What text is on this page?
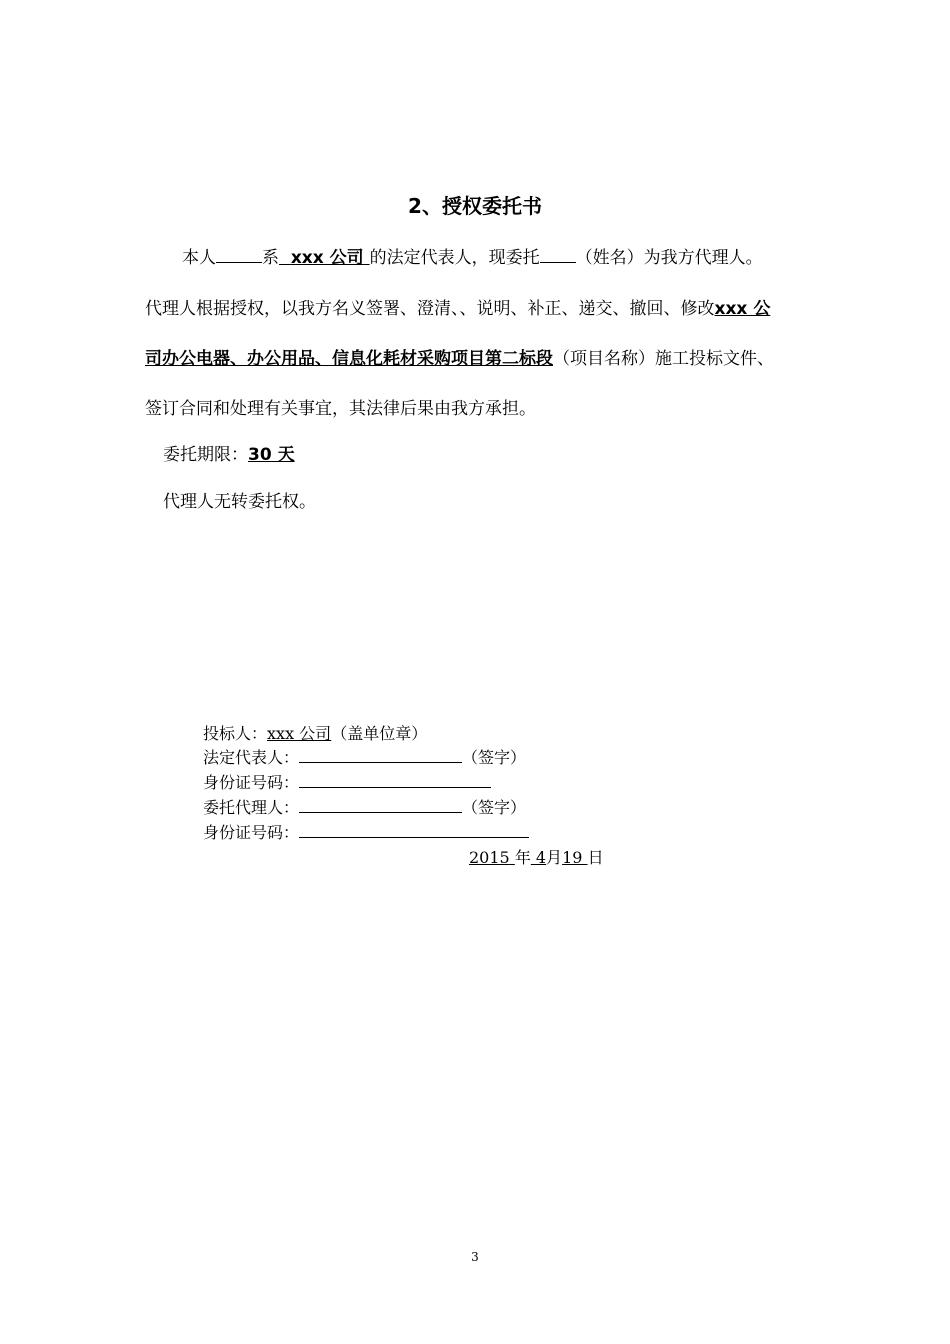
2、授权委托书
本人	系 xxx 公司 的法定代表人，现委托 （姓名）为我方代理人。
代理人根据授权，以我方名义签署、澄清、、说明、补正、递交、撤回、修改xxx 公
司办公电器、办公用品、信息化耗材采购项目第二标段（项目名称）施工投标文件、
签订合同和处理有关事宜，其法律后果由我方承担。
委托期限：30 天
代理人无转委托权。
投标人：xxx 公司（盖单位章）
法定代表人：	（签字）
身份证号码：
委托代理人：	（签字）
身份证号码：
2015 年 4月19 日
3
